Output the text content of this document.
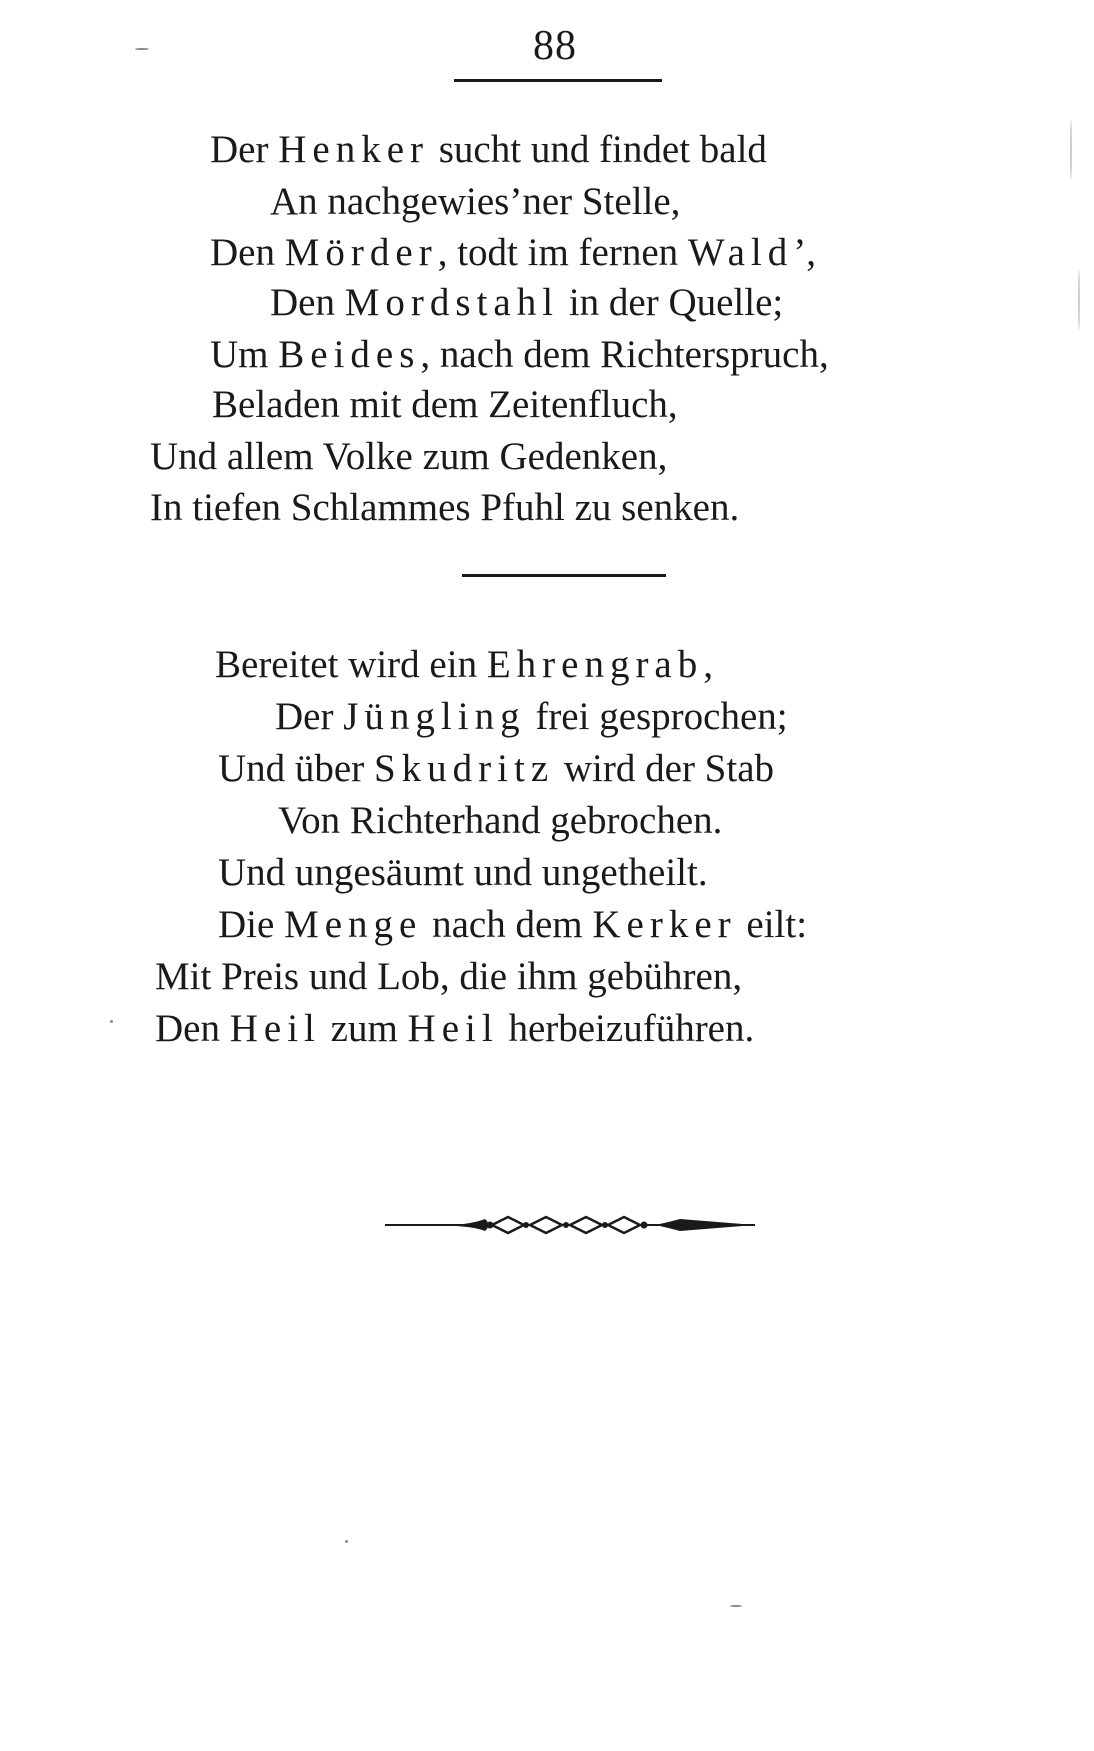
88
Der Henker sucht und findet bald
An nachgewies’ner Stelle,
Den Mörder, todt im fernen Wald’,
Den Mordstahl in der Quelle;
Um Beides, nach dem Richterspruch,
Beladen mit dem Zeitenfluch,
Und allem Volke zum Gedenken,
In tiefen Schlammes Pfuhl zu senken.
Bereitet wird ein Ehrengrab,
Der Jüngling frei gesprochen;
Und über Skudritz wird der Stab
Von Richterhand gebrochen.
Und ungesäumt und ungetheilt.
Die Menge nach dem Kerker eilt:
Mit Preis und Lob, die ihm gebühren,
Den Heil zum Heil herbeizuführen.
